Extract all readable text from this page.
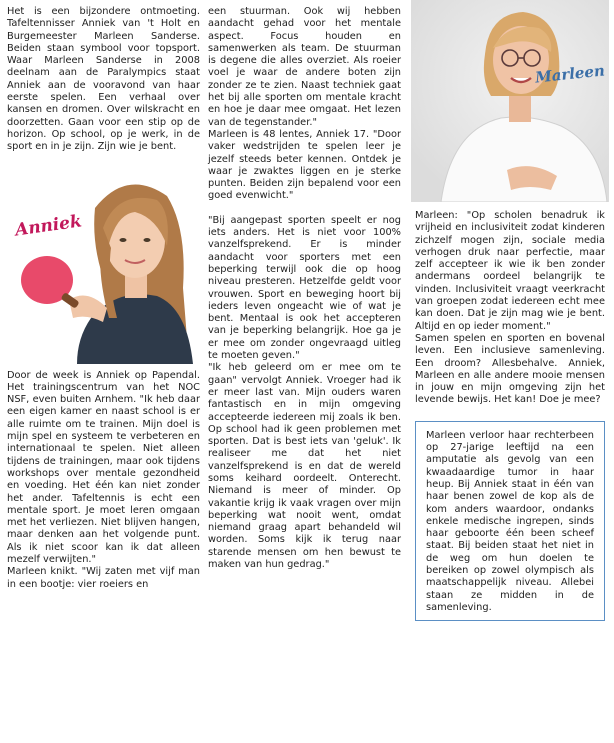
Het is een bijzondere ontmoeting. Tafeltennisser Anniek van 't Holt en Burgemeester Marleen Sanderse. Beiden staan symbool voor topsport. Waar Marleen Sanderse in 2008 deelnam aan de Paralympics staat Anniek aan de vooravond van haar eerste spelen. Een verhaal over kansen en dromen. Over wilskracht en doorzetten. Gaan voor een stip op de horizon. Op school, op je werk, in de sport en in je zijn. Zijn wie je bent.

Anniek

Door de week is Anniek op Papendal. Het trainingscentrum van het NOC NSF, even buiten Arnhem. "Ik heb daar een eigen kamer en naast school is er alle ruimte om te trainen. Mijn doel is mijn spel en systeem te verbeteren en internationaal te spelen. Niet alleen tijdens de trainingen, maar ook tijdens workshops over mentale gezondheid en voeding. Het één kan niet zonder het ander. Tafeltennis is echt een mentale sport. Je moet leren omgaan met het verliezen. Niet blijven hangen, maar denken aan het volgende punt. Als ik niet scoor kan ik dat alleen mezelf verwijten."

Marleen knikt. "Wij zaten met vijf man in een bootje: vier roeiers en

een stuurman. Ook wij hebben aandacht gehad voor het mentale aspect. Focus houden en samenwerken als team. De stuurman is degene die alles overziet. Als roeier voel je waar de andere boten zijn zonder ze te zien. Naast techniek gaat het bij alle sporten om mentale kracht en hoe je daar mee omgaat. Het lezen van de tegenstander."

Marleen is 48 lentes, Anniek 17. "Door vaker wedstrijden te spelen leer je jezelf steeds beter kennen. Ontdek je waar je zwaktes liggen en je sterke punten. Beiden zijn bepalend voor een goed evenwicht."

"Bij aangepast sporten speelt er nog iets anders. Het is niet voor 100% vanzelfsprekend. Er is minder aandacht voor sporters met een beperking terwijl ook die op hoog niveau presteren. Hetzelfde geldt voor vrouwen. Sport en beweging hoort bij ieders leven ongeacht wie of wat je bent. Mentaal is ook het accepteren van je beperking belangrijk. Hoe ga je er mee om zonder ongevraagd uitleg te moeten geven."

"Ik heb geleerd om er mee om te gaan" vervolgt Anniek. Vroeger had ik er meer last van. Mijn ouders waren fantastisch en in mijn omgeving accepteerde iedereen mij zoals ik ben. Op school had ik geen problemen met sporten. Dat is best iets van 'geluk'. Ik realiseer me dat het niet vanzelfsprekend is en dat de wereld soms keihard oordeelt. Onterecht. Niemand is meer of minder. Op vakantie krijg ik vaak vragen over mijn beperking wat nooit went, omdat niemand graag apart behandeld wil worden. Soms kijk ik terug naar starende mensen om hen bewust te maken van hun gedrag."

Marleen

Marleen: "Op scholen benadruk ik vrijheid en inclusiviteit zodat kinderen zichzelf mogen zijn, sociale media verhogen druk naar perfectie, maar zelf accepteer ik wie ik ben zonder andermans oordeel belangrijk te vinden. Inclusiviteit vraagt veerkracht van groepen zodat iedereen echt mee kan doen. Dat je zijn mag wie je bent. Altijd en op ieder moment."

Samen spelen en sporten en bovenal leven. Een inclusieve samenleving. Een droom? Allesbehalve. Anniek, Marleen en alle andere mooie mensen in jouw en mijn omgeving zijn het levende bewijs. Het kan! Doe je mee?

Marleen verloor haar rechterbeen op 27-jarige leeftijd na een amputatie als gevolg van een kwaadaardige tumor in haar heup. Bij Anniek staat in één van haar benen zowel de kop als de kom anders waardoor, ondanks enkele medische ingrepen, sinds haar geboorte één been scheef staat. Bij beiden staat het niet in de weg om hun doelen te bereiken op zowel olympisch als maatschappelijk niveau. Allebei staan ze midden in de samenleving.
